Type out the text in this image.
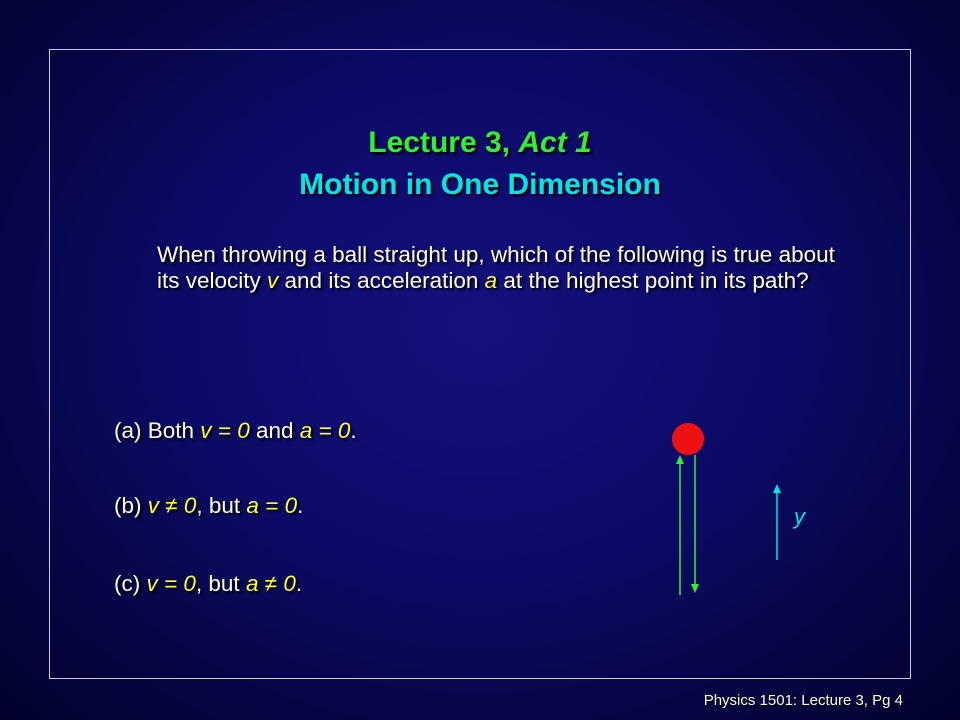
Lecture 3, Act 1
Motion in One Dimension
When throwing a ball straight up, which of the following is true about its velocity v and its acceleration a at the highest point in its path?
(a) Both v = 0 and a = 0.
(b) v ≠ 0, but a = 0.
(c) v = 0, but a ≠ 0.
y
Physics 1501: Lecture 3, Pg 4
